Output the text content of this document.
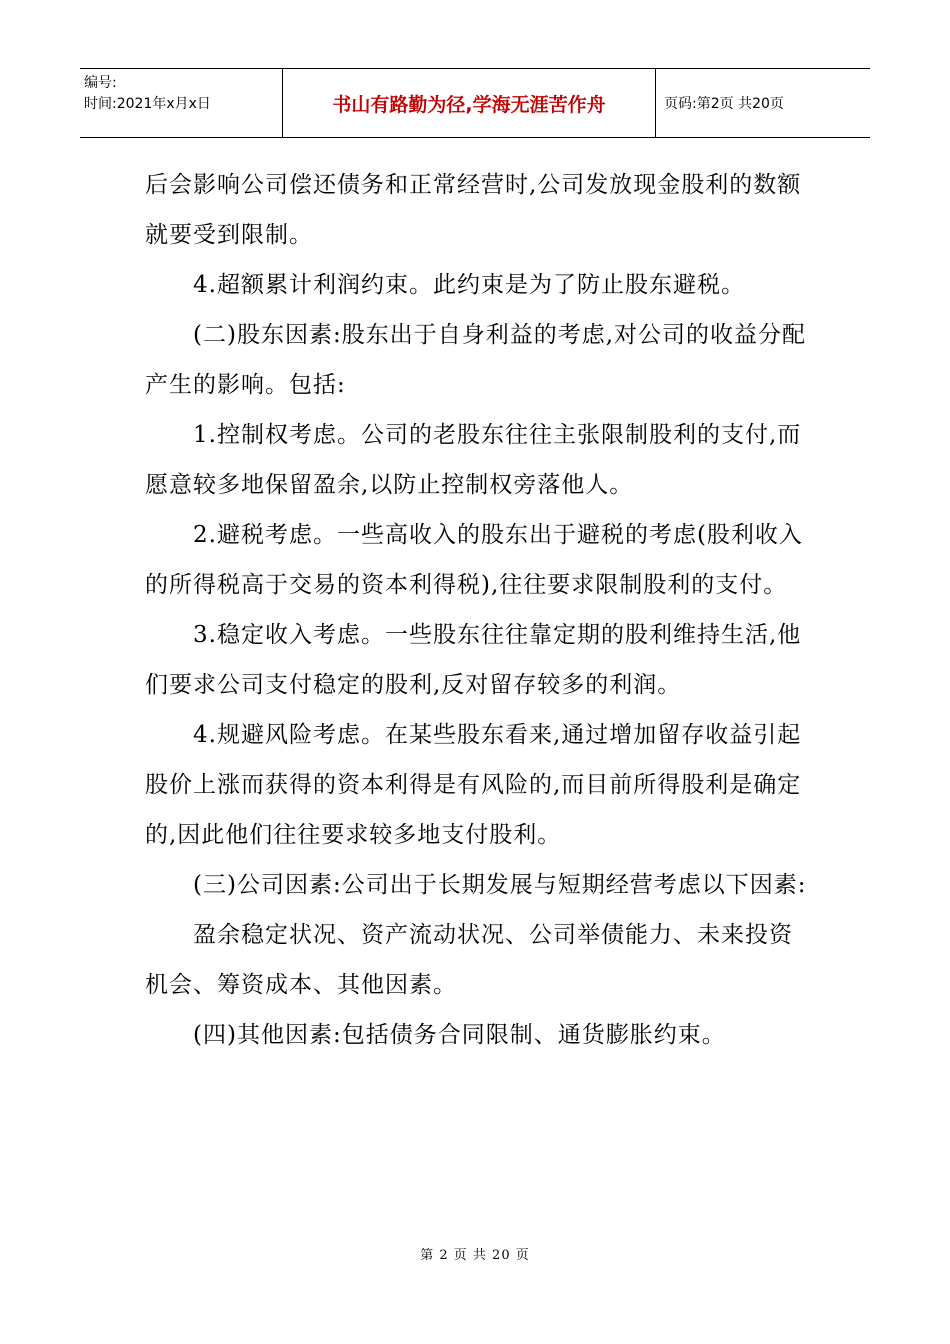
编号:
时间:2021年x月x日	书山有路勤为径,学海无涯苦作舟	页码:第2页 共20页

后会影响公司偿还债务和正常经营时,公司发放现金股利的数额就要受到限制。

4.超额累计利润约束。此约束是为了防止股东避税。

(二)股东因素:股东出于自身利益的考虑,对公司的收益分配产生的影响。包括:

1.控制权考虑。公司的老股东往往主张限制股利的支付,而愿意较多地保留盈余,以防止控制权旁落他人。

2.避税考虑。一些高收入的股东出于避税的考虑(股利收入的所得税高于交易的资本利得税),往往要求限制股利的支付。

3.稳定收入考虑。一些股东往往靠定期的股利维持生活,他们要求公司支付稳定的股利,反对留存较多的利润。

4.规避风险考虑。在某些股东看来,通过增加留存收益引起股价上涨而获得的资本利得是有风险的,而目前所得股利是确定的,因此他们往往要求较多地支付股利。

(三)公司因素:公司出于长期发展与短期经营考虑以下因素:

盈余稳定状况、资产流动状况、公司举债能力、未来投资机会、筹资成本、其他因素。

(四)其他因素:包括债务合同限制、通货膨胀约束。

第 2 页 共 20 页
